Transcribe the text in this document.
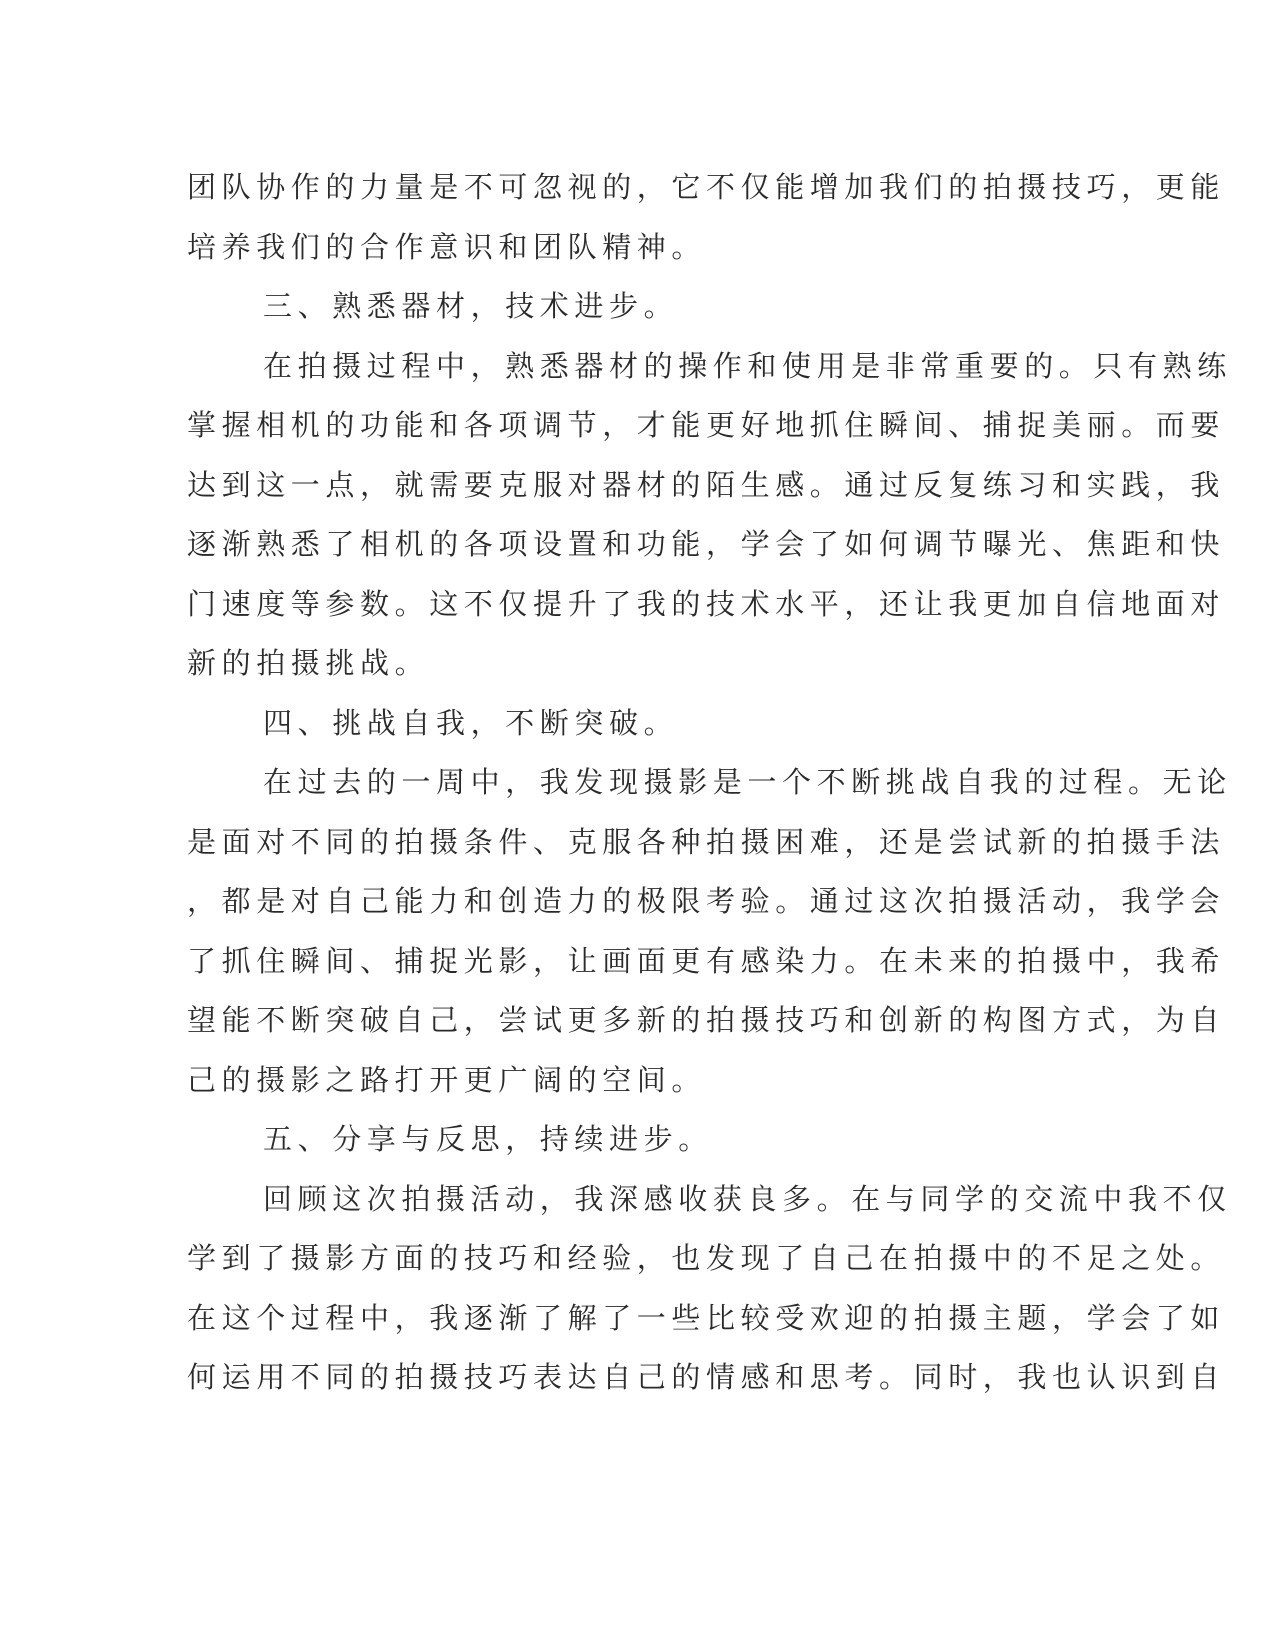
团队协作的力量是不可忽视的，它不仅能增加我们的拍摄技巧，更能
培养我们的合作意识和团队精神。
三、熟悉器材，技术进步。
在拍摄过程中，熟悉器材的操作和使用是非常重要的。只有熟练
掌握相机的功能和各项调节，才能更好地抓住瞬间、捕捉美丽。而要
达到这一点，就需要克服对器材的陌生感。通过反复练习和实践，我
逐渐熟悉了相机的各项设置和功能，学会了如何调节曝光、焦距和快
门速度等参数。这不仅提升了我的技术水平，还让我更加自信地面对
新的拍摄挑战。
四、挑战自我，不断突破。
在过去的一周中，我发现摄影是一个不断挑战自我的过程。无论
是面对不同的拍摄条件、克服各种拍摄困难，还是尝试新的拍摄手法
，都是对自己能力和创造力的极限考验。通过这次拍摄活动，我学会
了抓住瞬间、捕捉光影，让画面更有感染力。在未来的拍摄中，我希
望能不断突破自己，尝试更多新的拍摄技巧和创新的构图方式，为自
己的摄影之路打开更广阔的空间。
五、分享与反思，持续进步。
回顾这次拍摄活动，我深感收获良多。在与同学的交流中我不仅
学到了摄影方面的技巧和经验，也发现了自己在拍摄中的不足之处。
在这个过程中，我逐渐了解了一些比较受欢迎的拍摄主题，学会了如
何运用不同的拍摄技巧表达自己的情感和思考。同时，我也认识到自
